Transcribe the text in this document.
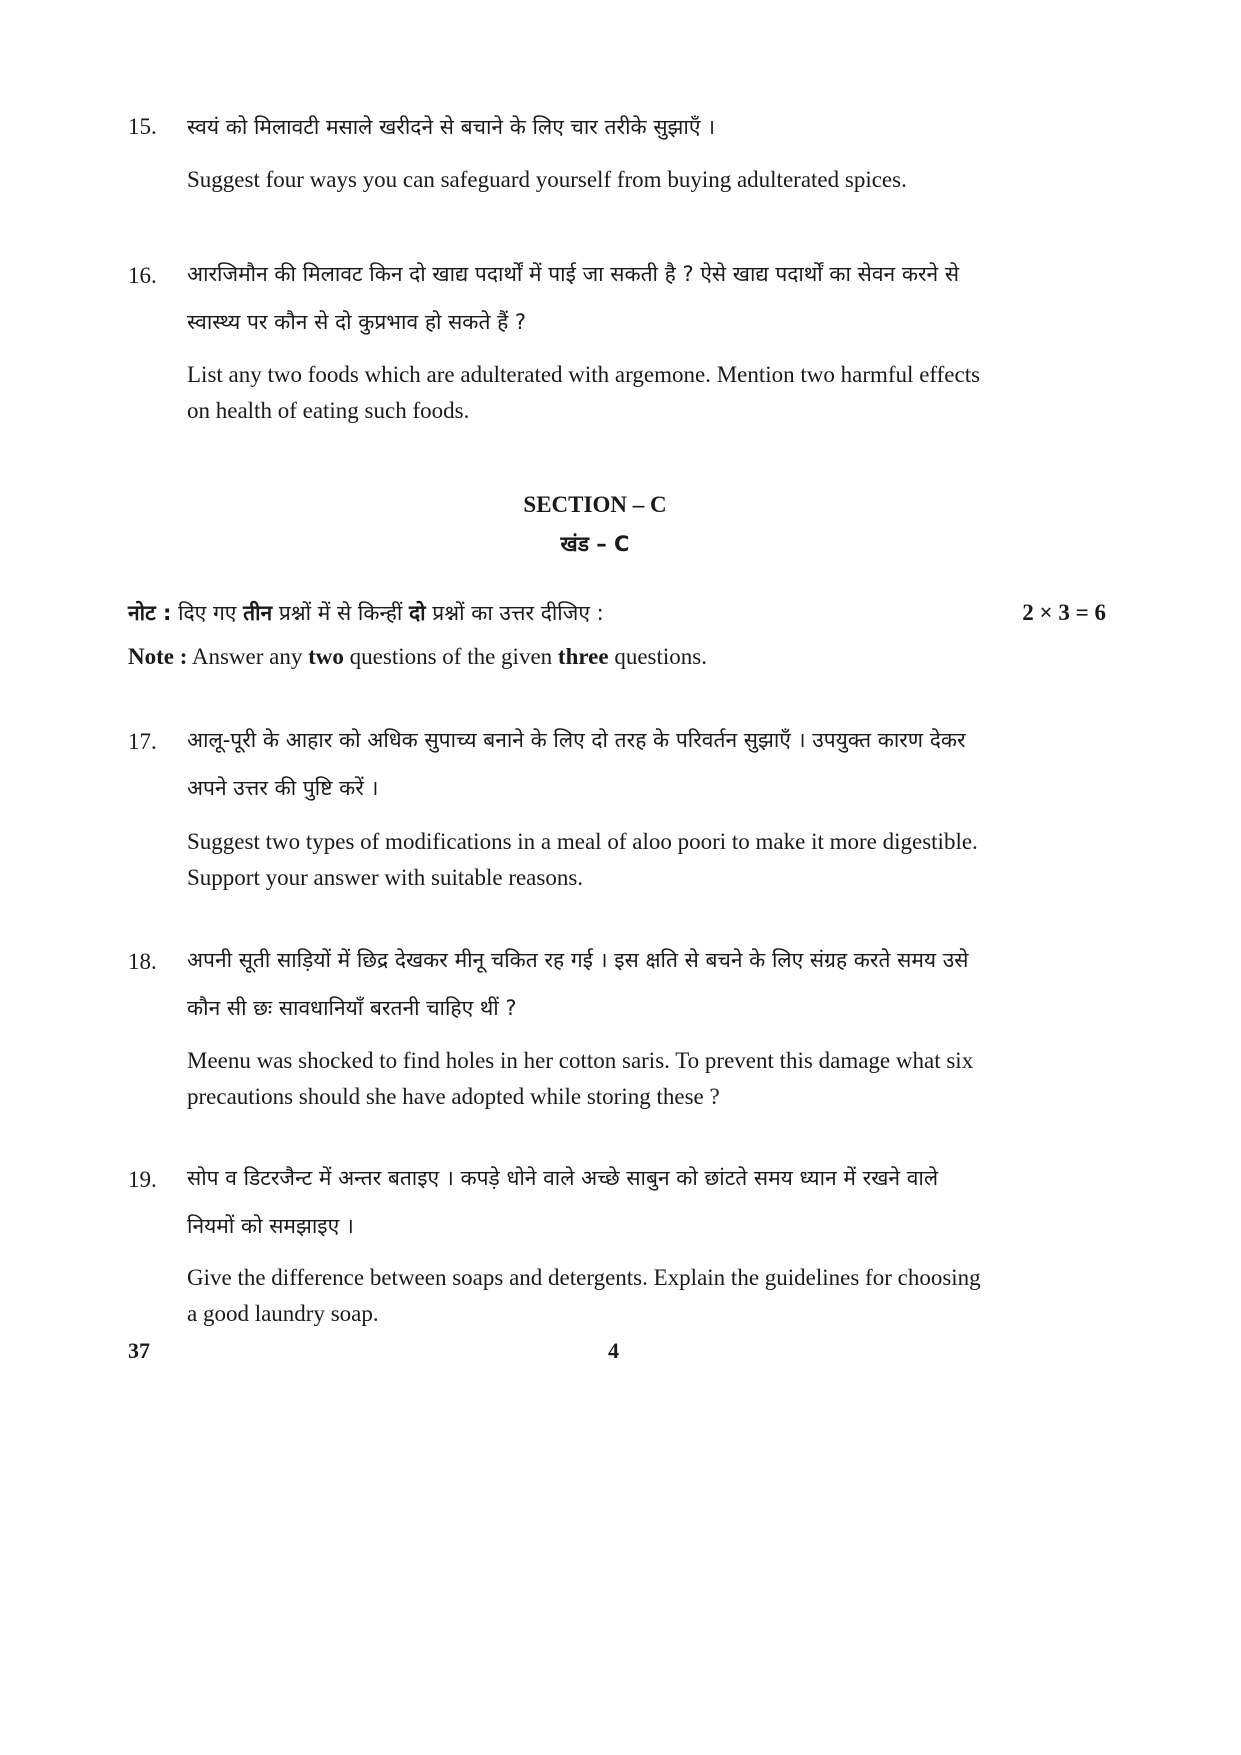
15. स्वयं को मिलावटी मसाले खरीदने से बचाने के लिए चार तरीके सुझाएँ ।
Suggest four ways you can safeguard yourself from buying adulterated spices.
16. आरजिमौन की मिलावट किन दो खाद्य पदार्थों में पाई जा सकती है ? ऐसे खाद्य पदार्थों का सेवन करने से
स्वास्थ्य पर कौन से दो कुप्रभाव हो सकते हैं ?
List any two foods which are adulterated with argemone. Mention two harmful effects
on health of eating such foods.
SECTION – C
खंड – C
नोट : दिए गए तीन प्रश्नों में से किन्हीं दो प्रश्नों का उत्तर दीजिए :	2 × 3 = 6
Note : Answer any two questions of the given three questions.
17. आलू-पूरी के आहार को अधिक सुपाच्य बनाने के लिए दो तरह के परिवर्तन सुझाएँ । उपयुक्त कारण देकर
अपने उत्तर की पुष्टि करें ।
Suggest two types of modifications in a meal of aloo poori to make it more digestible.
Support your answer with suitable reasons.
18. अपनी सूती साड़ियों में छिद्र देखकर मीनू चकित रह गई । इस क्षति से बचने के लिए संग्रह करते समय उसे
कौन सी छः सावधानियाँ बरतनी चाहिए थीं ?
Meenu was shocked to find holes in her cotton saris. To prevent this damage what six
precautions should she have adopted while storing these ?
19. सोप व डिटरजैन्ट में अन्तर बताइए । कपड़े धोने वाले अच्छे साबुन को छांटते समय ध्यान में रखने वाले
नियमों को समझाइए ।
Give the difference between soaps and detergents. Explain the guidelines for choosing
a good laundry soap.
37	4
